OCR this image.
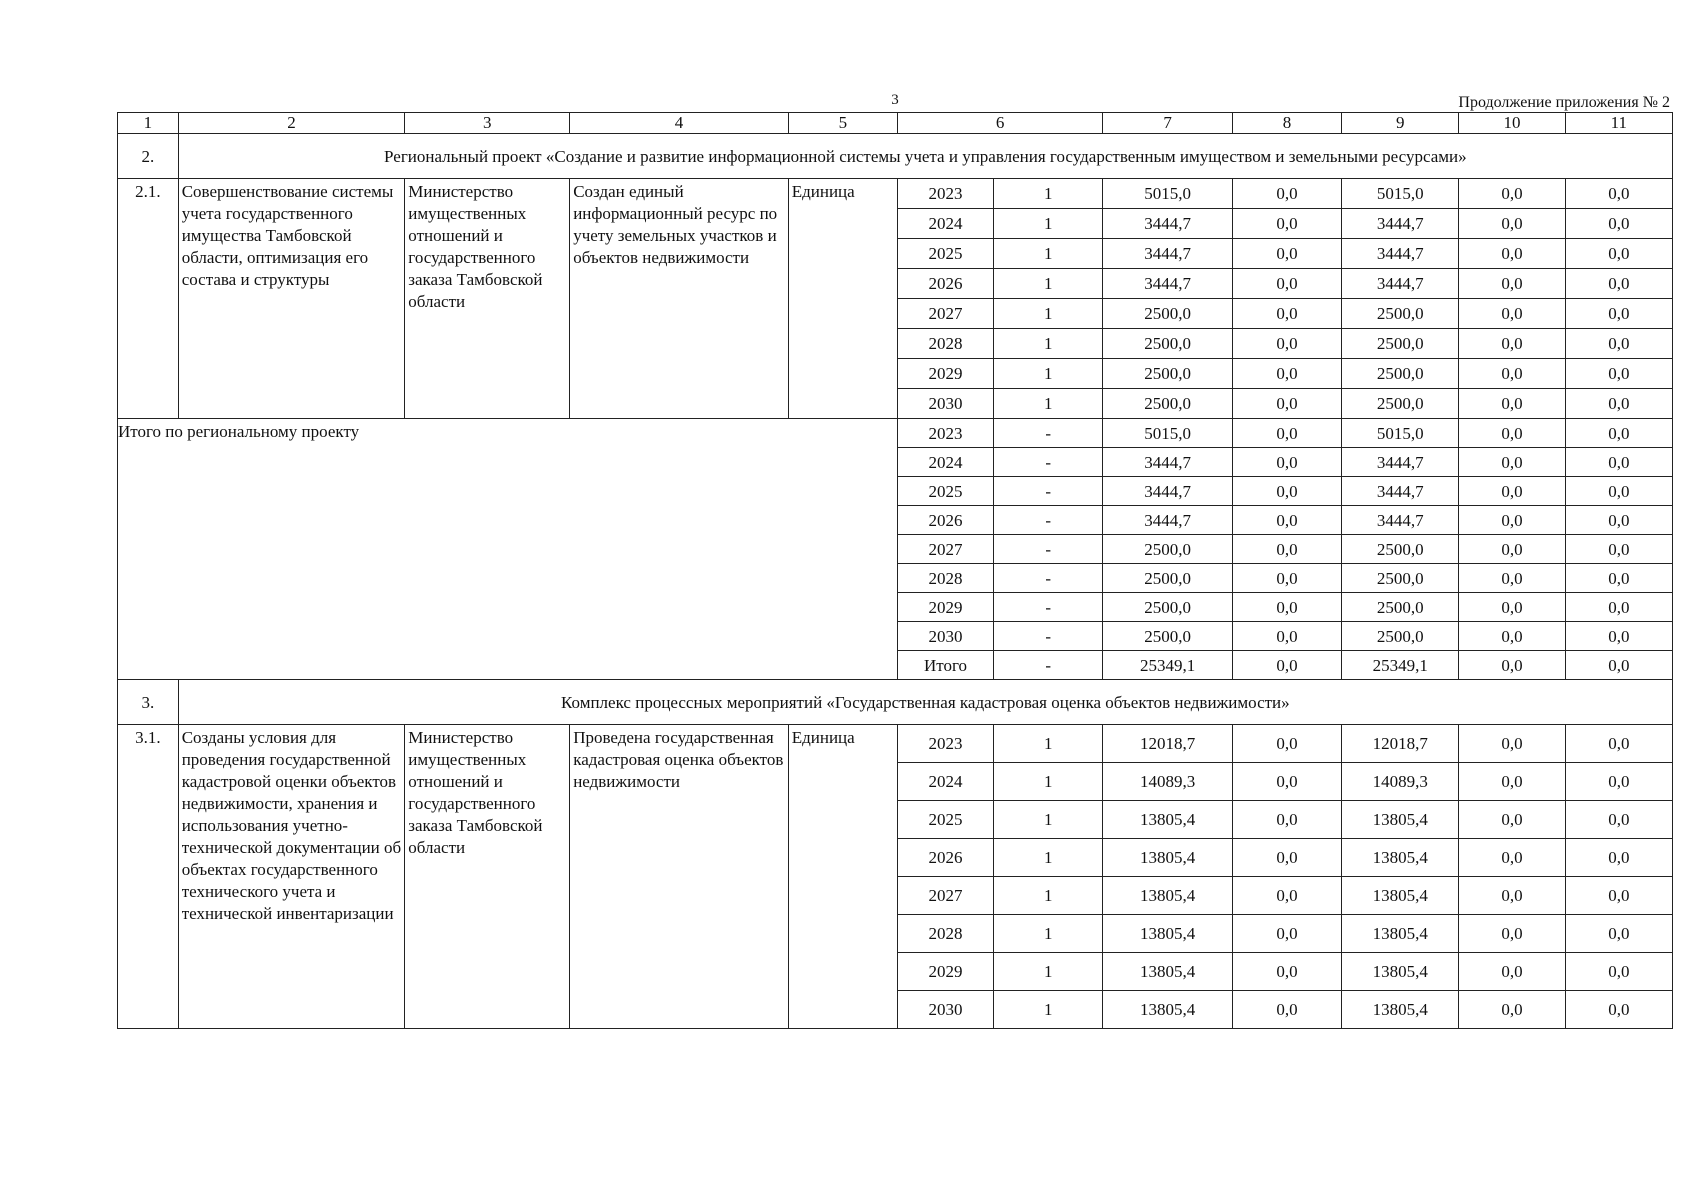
3	Продолжение приложения № 2
1	2	3	4	5	6		7	8	9	10	11
2.	Региональный проект «Создание и развитие информационной системы учета и управления государственным имуществом и земельными ресурсами»										
2.1.	Совершенствование системы учета государственного имущества Тамбовской области, оптимизация его состава и структуры	Министерство имущественных отношений и государственного заказа Тамбовской области	Создан единый информационный ресурс по учету земельных участков и объектов недвижимости	Единица	2023	1	5015,0	0,0	5015,0	0,0	0,0
					2024	1	3444,7	0,0	3444,7	0,0	0,0
					2025	1	3444,7	0,0	3444,7	0,0	0,0
					2026	1	3444,7	0,0	3444,7	0,0	0,0
					2027	1	2500,0	0,0	2500,0	0,0	0,0
					2028	1	2500,0	0,0	2500,0	0,0	0,0
					2029	1	2500,0	0,0	2500,0	0,0	0,0
					2030	1	2500,0	0,0	2500,0	0,0	0,0
Итого по региональному проекту					2023	-	5015,0	0,0	5015,0	0,0	0,0
					2024	-	3444,7	0,0	3444,7	0,0	0,0
					2025	-	3444,7	0,0	3444,7	0,0	0,0
					2026	-	3444,7	0,0	3444,7	0,0	0,0
					2027	-	2500,0	0,0	2500,0	0,0	0,0
					2028	-	2500,0	0,0	2500,0	0,0	0,0
					2029	-	2500,0	0,0	2500,0	0,0	0,0
					2030	-	2500,0	0,0	2500,0	0,0	0,0
					Итого	-	25349,1	0,0	25349,1	0,0	0,0
3.	Комплекс процессных мероприятий «Государственная кадастровая оценка объектов недвижимости»										
3.1.	Созданы условия для проведения государственной кадастровой оценки объектов недвижимости, хранения и использования учетно-технической документации об объектах государственного технического учета и технической инвентаризации	Министерство имущественных отношений и государственного заказа Тамбовской области	Проведена государственная кадастровая оценка объектов недвижимости	Единица	2023	1	12018,7	0,0	12018,7	0,0	0,0
					2024	1	14089,3	0,0	14089,3	0,0	0,0
					2025	1	13805,4	0,0	13805,4	0,0	0,0
					2026	1	13805,4	0,0	13805,4	0,0	0,0
					2027	1	13805,4	0,0	13805,4	0,0	0,0
					2028	1	13805,4	0,0	13805,4	0,0	0,0
					2029	1	13805,4	0,0	13805,4	0,0	0,0
					2030	1	13805,4	0,0	13805,4	0,0	0,0
